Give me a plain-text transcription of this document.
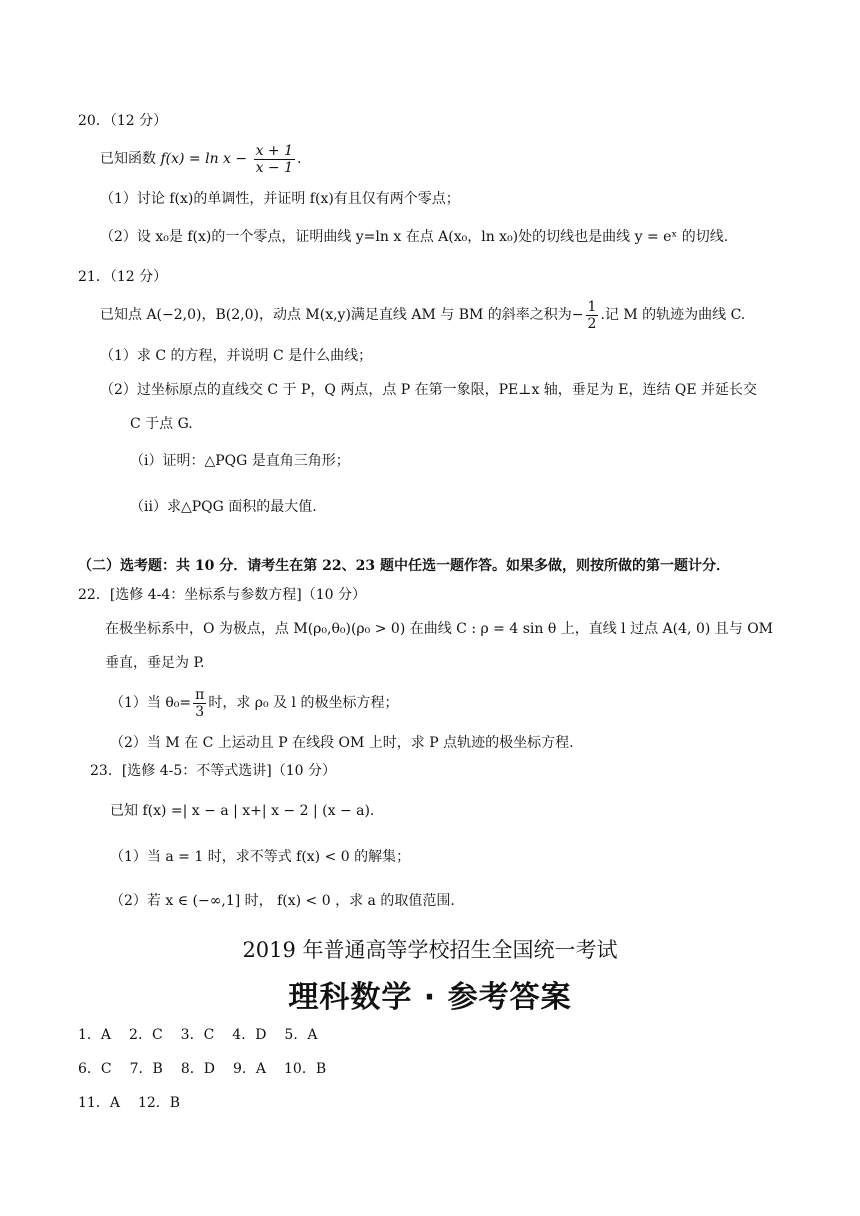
20．（12 分）
已知函数 $f(x) = \ln x - \frac{x + 1}{x - 1}$ .
（1）讨论 f(x)的单调性，并证明 f(x)有且仅有两个零点；
（2）设 x₀是 f(x)的一个零点，证明曲线 y=ln x 在点 A(x₀，ln x₀)处的切线也是曲线 y = eˣ 的切线.
21．（12 分）
已知点 A(−2,0)，B(2,0)，动点 M(x,y)满足直线 AM 与 BM 的斜率之积为− $\frac{1}{2}$ .记 M 的轨迹为曲线 C.
（1）求 C 的方程，并说明 C 是什么曲线；
（2）过坐标原点的直线交 C 于 P，Q 两点，点 P 在第一象限，PE⊥x 轴，垂足为 E，连结 QE 并延长交
C 于点 G.
（i）证明：△PQG 是直角三角形；
（ii）求△PQG 面积的最大值.
（二）选考题：共 10 分．请考生在第 22、23 题中任选一题作答。如果多做，则按所做的第一题计分．
22．[选修 4-4：坐标系与参数方程]（10 分）
在极坐标系中，O 为极点，点 M(ρ₀,θ₀)(ρ₀ > 0) 在曲线 C : ρ = 4 sin θ 上，直线 l 过点 A(4, 0) 且与 OM
垂直，垂足为 P.
（1）当 $\theta_0= \frac{\pi}{3}$ 时，求 ρ₀ 及 l 的极坐标方程；
（2）当 M 在 C 上运动且 P 在线段 OM 上时，求 P 点轨迹的极坐标方程.
23．[选修 4-5：不等式选讲]（10 分）
已知 f(x) =| x − a | x+| x − 2 | (x − a).
（1）当 a = 1 时，求不等式 f(x) < 0 的解集；
（2）若 x ∈ (−∞,1] 时， f(x) < 0 ，求 a 的取值范围.
2019 年普通高等学校招生全国统一考试
理科数学 · 参考答案
1．A 2．C 3．C 4．D 5．A
6．C 7．B 8．D 9．A 10．B
11．A 12．B
